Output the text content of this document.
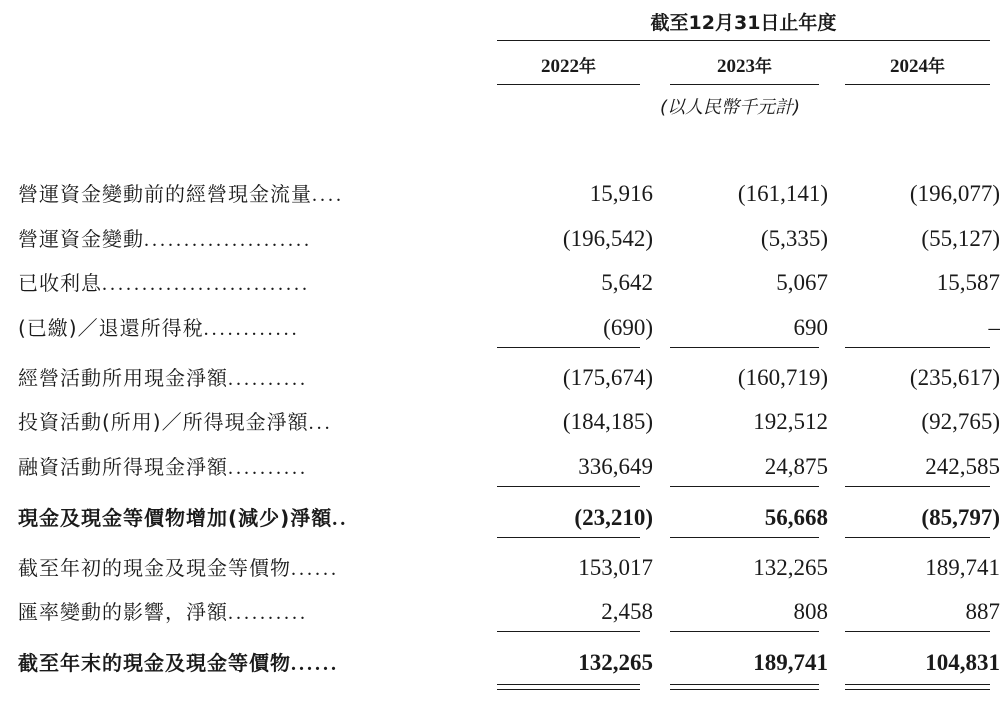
截至12月31日止年度
2022年	2023年	2024年
(以人民幣千元計)
營運資金變動前的經營現金流量....	15,916	(161,141)	(196,077)
營運資金變動.....................	(196,542)	(5,335)	(55,127)
已收利息..........................	5,642	5,067	15,587
(已繳)／退還所得稅............	(690)	690	–
經營活動所用現金淨額..........	(175,674)	(160,719)	(235,617)
投資活動(所用)／所得現金淨額...	(184,185)	192,512	(92,765)
融資活動所得現金淨額..........	336,649	24,875	242,585
現金及現金等價物增加(減少)淨額..	(23,210)	56,668	(85,797)
截至年初的現金及現金等價物......	153,017	132,265	189,741
匯率變動的影響，淨額..........	2,458	808	887
截至年末的現金及現金等價物......	132,265	189,741	104,831
